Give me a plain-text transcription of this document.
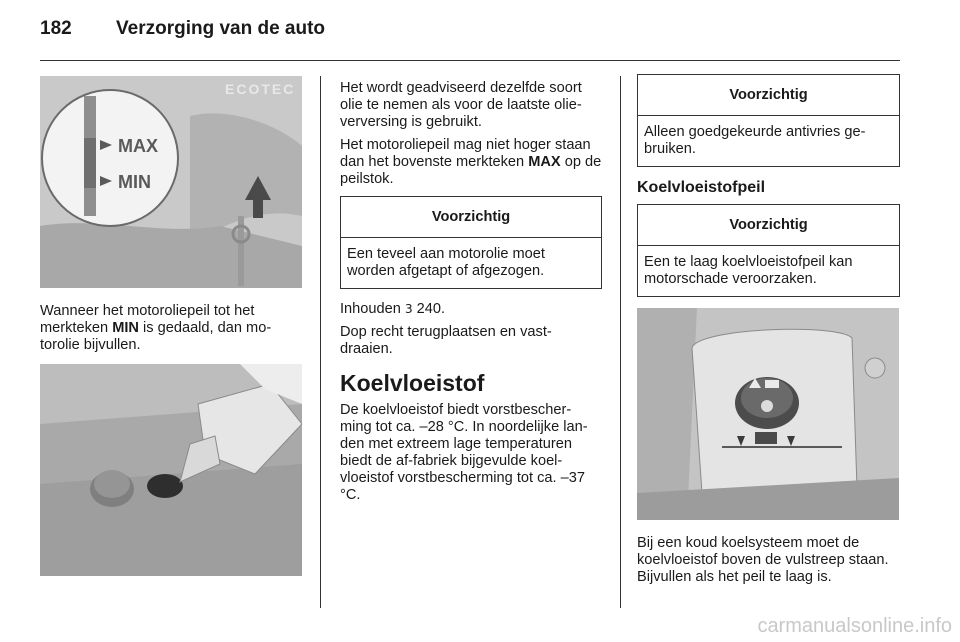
182 Verzorging van de auto
ECOTEC
MAX
MIN

Wanneer het motoroliepeil tot het merkteken MIN is gedaald, dan mo-torolie bijvullen.

Het wordt geadviseerd dezelfde soort olie te nemen als voor de laatste olie-verversing is gebruikt.

Het motoroliepeil mag niet hoger staan dan het bovenste merkteken MAX op de peilstok.

Voorzichtig
Een teveel aan motorolie moet worden afgetapt of afgezogen.

Inhouden 3 240.

Dop recht terugplaatsen en vast-draaien.

Koelvloeistof

De koelvloeistof biedt vorstbescher-ming tot ca. –28 °C. In noordelijke lan-den met extreem lage temperaturen biedt de af-fabriek bijgevulde koel-vloeistof vorstbescherming tot ca. –37 °C.

Voorzichtig
Alleen goedgekeurde antivries ge-bruiken.
Koelvloeistofpeil
Voorzichtig
Een te laag koelvloeistofpeil kan motorschade veroorzaken.

Bij een koud koelsysteem moet de koelvloeistof boven de vulstreep staan. Bijvullen als het peil te laag is.

carmanualsonline.info
